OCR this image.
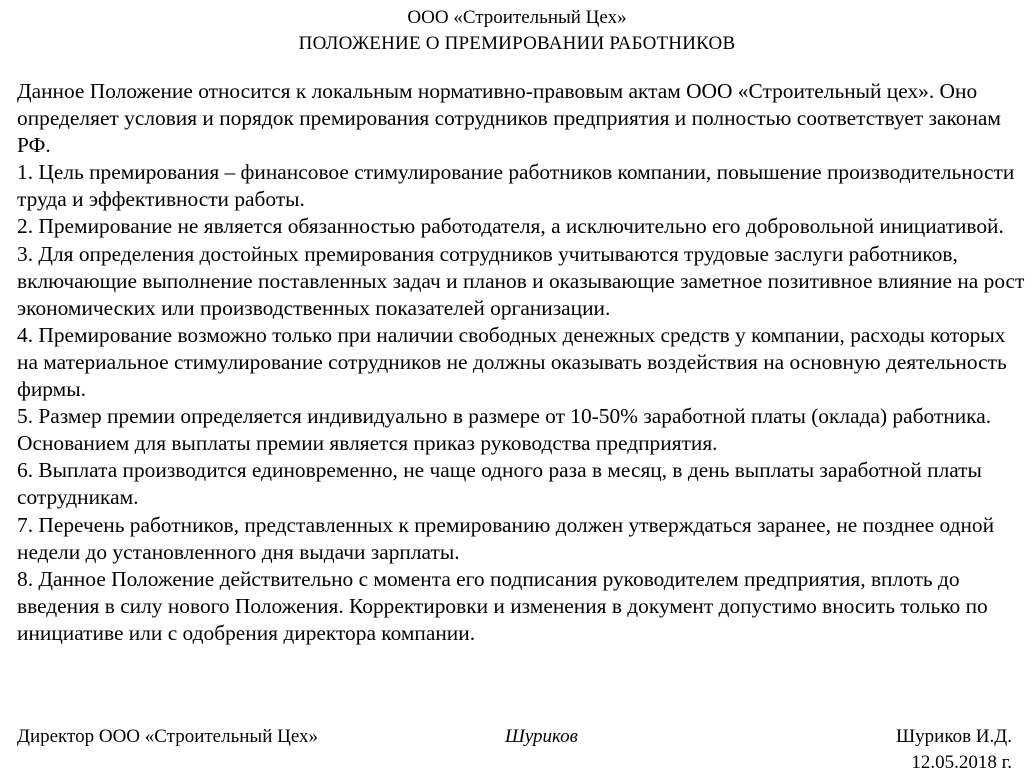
ООО «Строительный Цех»
ПОЛОЖЕНИЕ О ПРЕМИРОВАНИИ РАБОТНИКОВ

Данное Положение относится к локальным нормативно-правовым актам ООО «Строительный цех». Оно определяет условия и порядок премирования сотрудников предприятия и полностью соответствует законам РФ.

1. Цель премирования – финансовое стимулирование работников компании, повышение производительности труда и эффективности работы.

2. Премирование не является обязанностью работодателя, а исключительно его добровольной инициативой.

3. Для определения достойных премирования сотрудников учитываются трудовые заслуги работников, включающие выполнение поставленных задач и планов и оказывающие заметное позитивное влияние на рост экономических или производственных показателей организации.

4. Премирование возможно только при наличии свободных денежных средств у компании, расходы которых на материальное стимулирование сотрудников не должны оказывать воздействия на основную деятельность фирмы.

5. Размер премии определяется индивидуально в размере от 10-50% заработной платы (оклада) работника. Основанием для выплаты премии является приказ руководства предприятия.

6. Выплата производится единовременно, не чаще одного раза в месяц, в день выплаты заработной платы сотрудникам.

7. Перечень работников, представленных к премированию должен утверждаться заранее, не позднее одной недели до установленного дня выдачи зарплаты.

8. Данное Положение действительно с момента его подписания руководителем предприятия, вплоть до введения в силу нового Положения. Корректировки и изменения в документ допустимо вносить только по инициативе или с одобрения директора компании.

Директор ООО «Строительный Цех»	Шуриков	Шуриков И.Д.
12.05.2018 г.
